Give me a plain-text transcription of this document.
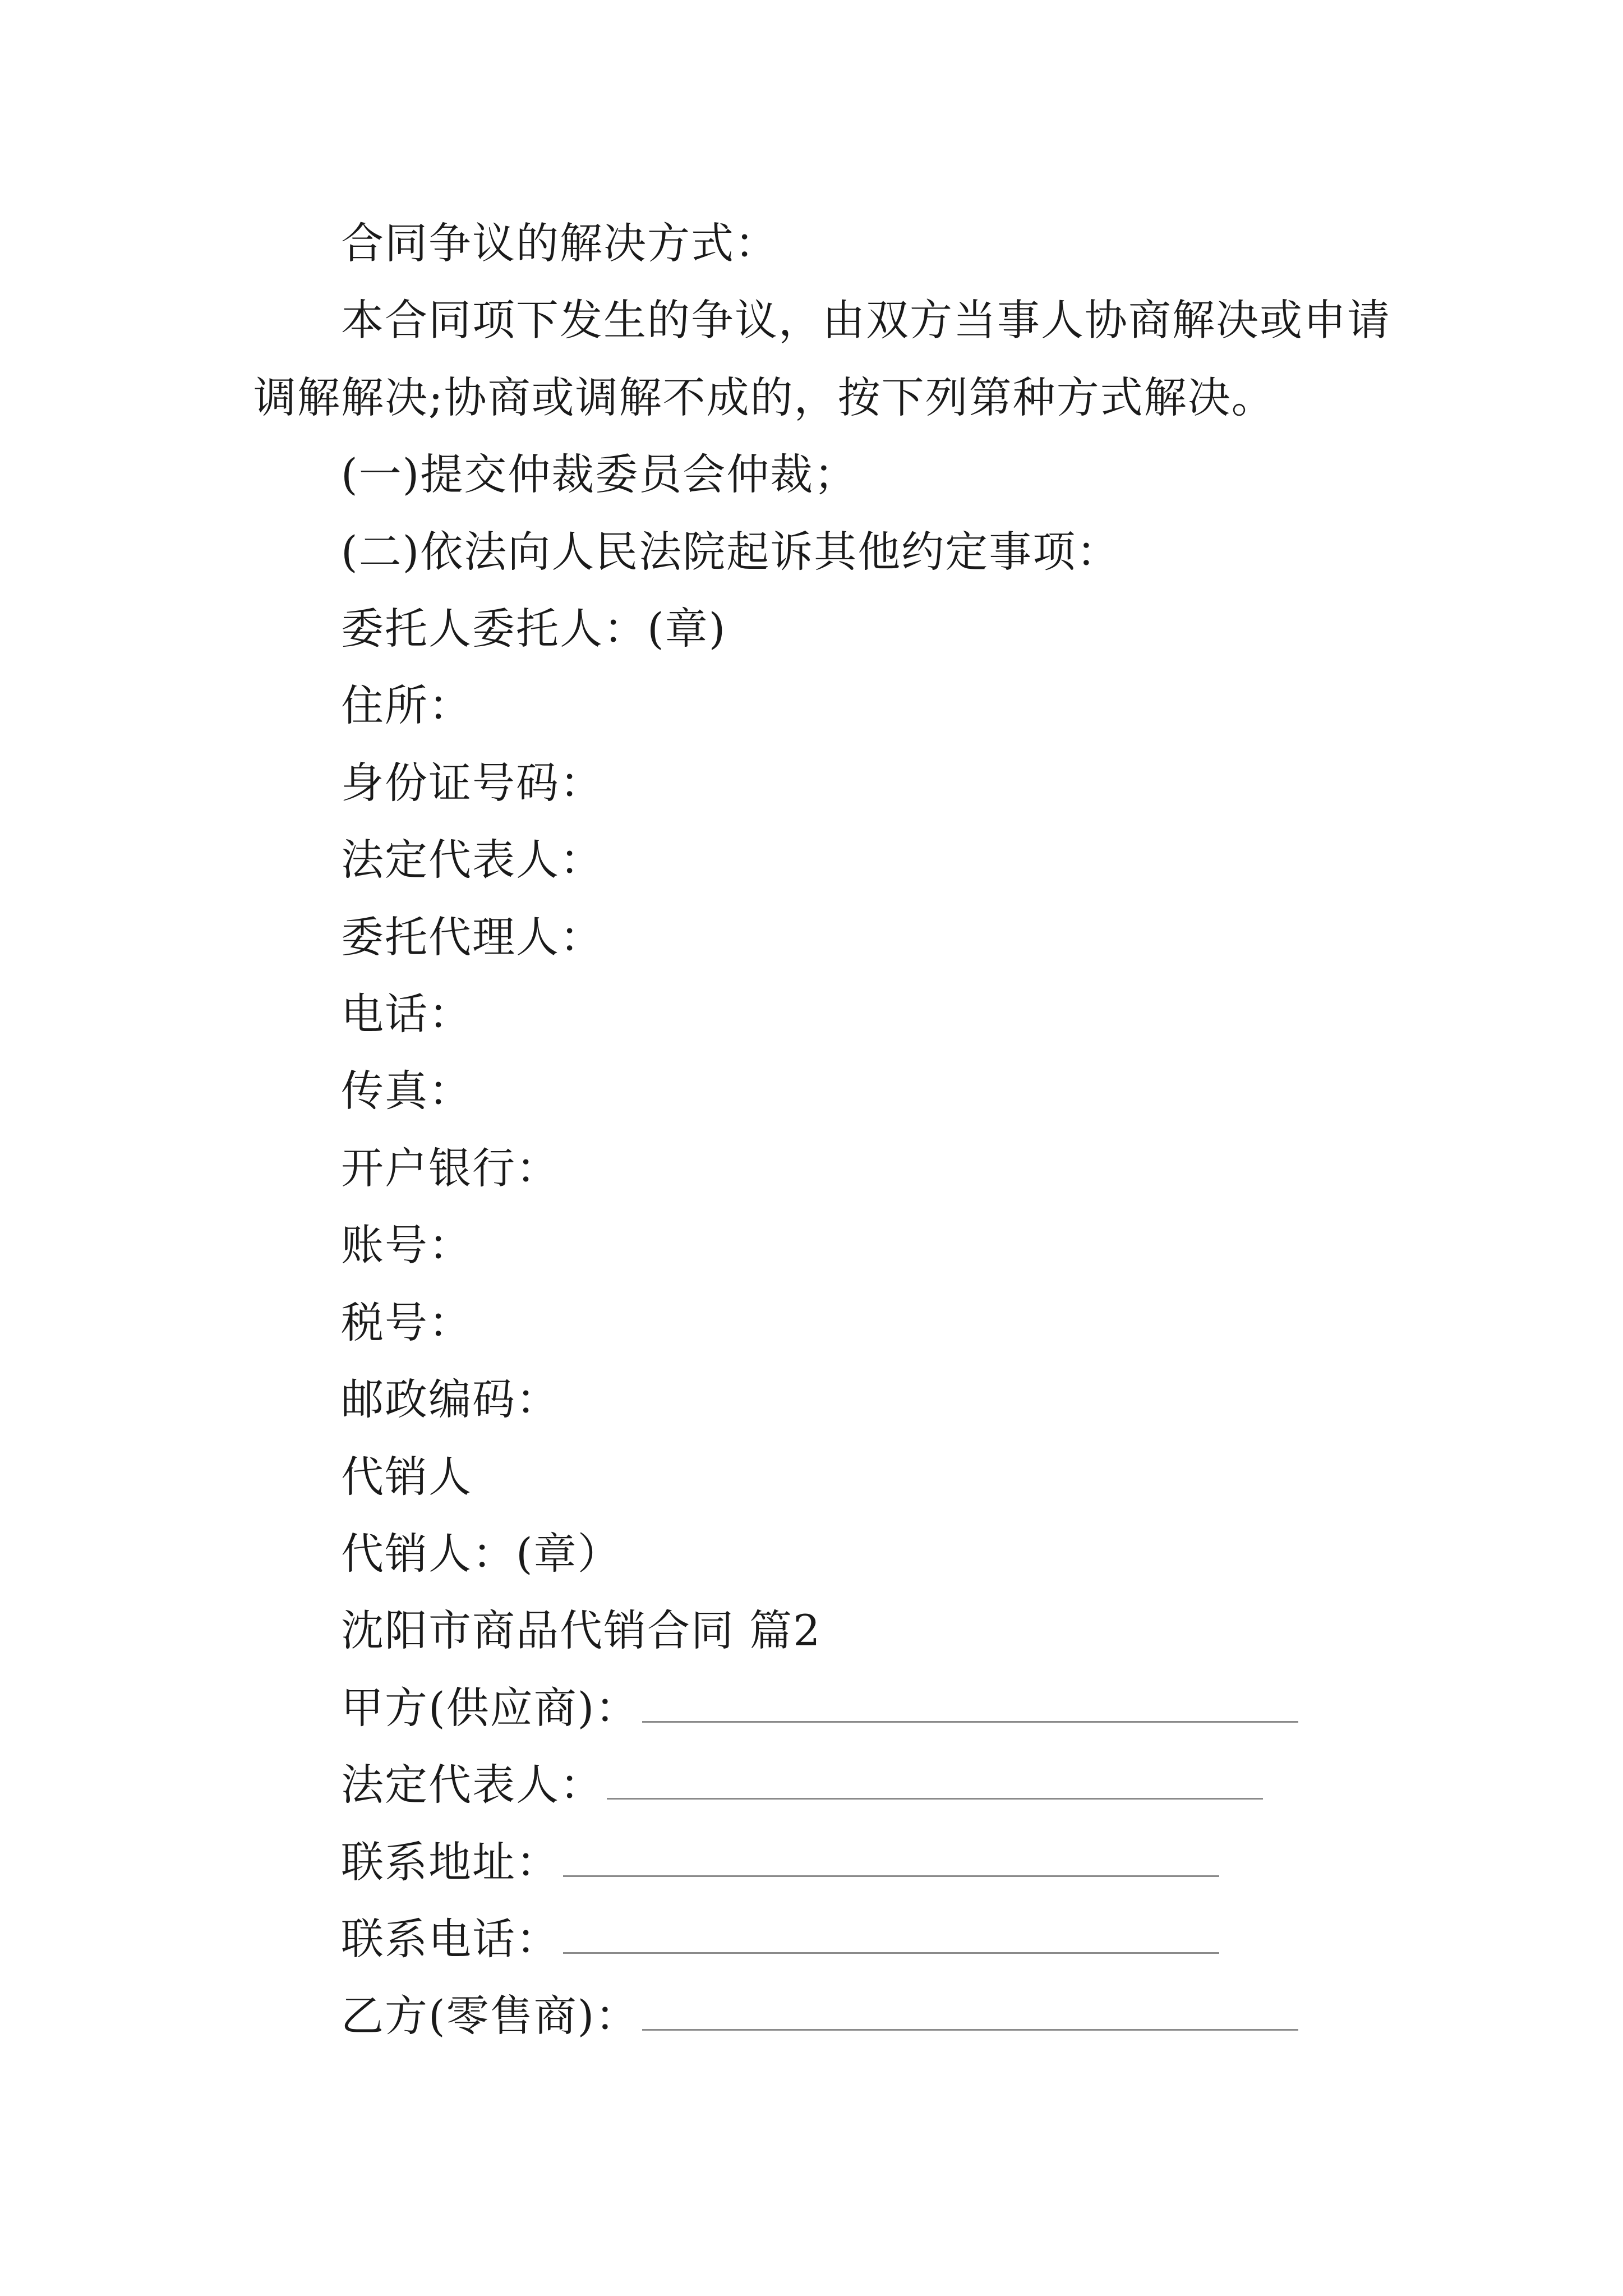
合同争议的解决方式：

本合同项下发生的争议，由双方当事人协商解决或申请调解解决;协商或调解不成的，按下列第种方式解决。

(一)提交仲裁委员会仲裁；

(二)依法向人民法院起诉其他约定事项：

委托人委托人：(章)

住所：

身份证号码：

法定代表人：

委托代理人：

电话：

传真：

开户银行：

账号：

税号：

邮政编码：

代销人

代销人：(章）

沈阳市商品代销合同 篇2

甲方(供应商)：

法定代表人：

联系地址：

联系电话：

乙方(零售商)：
